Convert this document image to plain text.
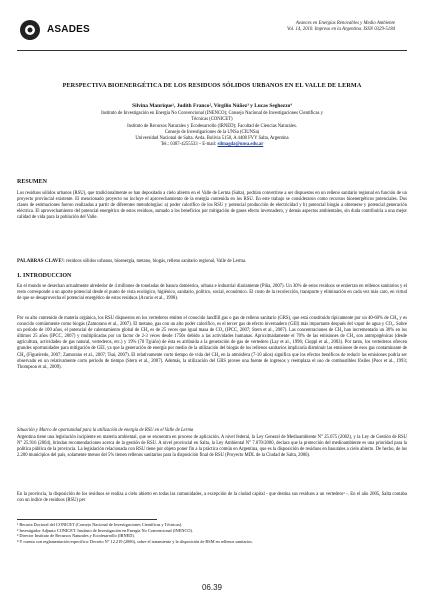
ASADES
Avances en Energías Renovables y Medio Ambiente
Vol. 14, 2010. Impreso en la Argentina. ISSN 0329-5184
PERSPECTIVA BIOENERGÉTICA DE LOS RESIDUOS SÓLIDOS URBANOS EN EL VALLE DE LERMA
Silvina Manrique¹, Judith Franco², Virgilio Núñez³ y Lucas Seghezzo⁴
Instituto de Investigación en Energía No Convencional (INENCO); Consejo Nacional de Investigaciones Científicas y
Técnicas (CONICET)
Instituto de Recursos Naturales y Ecodesarrollo (IRNED); Facultad de Ciencias Naturales.
Consejo de Investigaciones de la UNSa (CIUNSa)
Universidad Nacional de Salta. Avda. Bolivia 5150, A 4408 FVY Salta, Argentina
Tel.: 0387-4255533 – E-mail: silmagda@unsa.edu.ar
RESUMEN
Los residuos sólidos urbanos (RSU), que tradicionalmente se han depositado a cielo abierto en el Valle de Lerma (Salta), podrían convertirse a ser dispuestos en un relleno sanitario regional en función de un proyecto provincial existente. El mencionado proyecto no incluye el aprovechamiento de la energía contenida en los RSU. En este trabajo se consideraron como recursos bioenergéticos potenciales. Dos clases de estimaciones fueron realizadas a partir de diferentes metodologías: a) poder calorífico de los RSU y potencial producción de electricidad y b) potencial biogás a obtenerse y potencial generación eléctrica. El aprovechamiento del potencial energético de estos residuos, sumado a los beneficios por mitigación de gases efecto invernadero, y demás aspectos ambientales, sin duda contribuiría a una mejor calidad de vida para la población del Valle.
PALABRAS CLAVE¹: residuos sólidos urbanos, bioenergía, metano, biogás, relleno sanitario regional, Valle de Lerma.
1. INTRODUCCION
En el mundo se desechan actualmente alrededor de 4 millones de toneladas de basura doméstica, urbana e industrial diariamente (Piña, 2007). Un 30% de estos residuos se entierran en rellenos sanitarios y el resto corresponde a un aporte potencial desde el punto de vista ecológico, higiénico, sanitario, político, social, económico. El costo de la recolección, transporte y eliminación en cada vez más caro, en virtud de que se desaprovecha el potencial energético de estos residuos (Acurio et al., 1998).
Por su alto contenido de materia orgánica, los RSU dispuestos en los vertederos emiten el conocido landfill gas o gas de relleno sanitario (GRS), que está constituido típicamente por un 40-60% de CH₄ y es conocido comúnmente como biogás (Zamorano et al., 2007). El metano, gas con un alto poder calorífico, es el tercer gas de efecto invernadero (GEI) más importante después del vapor de agua y CO₂. Sobre un período de 100 años, el potencial de calentamiento global de CH₄ es de 25 veces que igual masa de CO₂ (IPCC, 2007; Stern et al., 2007). Las concentraciones de CH₄ han incrementado un 30% en los últimos 25 años (IPCC, 2007) y multiplicadas por un factor de 2-3 veces desde 1750s debido a las actividades humanas. Aproximadamente el 70% de las emisiones de CH₄ son antropogénicas (desde agricultura, actividades de gas natural, vertederos, etc.) y 19% (70 Tg/año) de ésta es atribuida a la generación de gas de vertedero (Lay et al., 1996; Cioppi et al., 2003). Por tanto, los vertederos ofrecen grandes oportunidades para mitigación de GEI, ya que la generación de energía por medio de la utilización del biogás de los rellenos sanitarios implicaría disminuir las emisiones de esos gas contaminante de CH₄ (Figueiredo, 2007; Zamorano et al., 2007; Tsai, 2007). El relativamente corto tiempo de vida del CH₄ en la atmósfera (7-10 años) significa que los efectos benéficos de reducir las emisiones podría ser observado en un relativamente corto período de tiempo (Stern et al., 2007). Además, la utilización del GRS provee una fuente de ingresos y reemplaza el uso de combustibles fósiles (Poor et al., 1993; Thompson et al., 2009).
Situación y Marco de oportunidad para la utilización de energía de RSU en el Valle de Lerma
Argentina tiene una legislación incipiente en materia ambiental, que se encuentra en proceso de aplicación. A nivel federal, la Ley General de Medioambiente N° 25.675 (2002), y la Ley de Gestión de RSU N° 25.916 (2004), brindan recomendaciones acerca de la gestión de RSU. A nivel provincial en Salta, la Ley Ambiental N° 7.070/2000, declara que la protección del medioambiente es una prioridad para la política pública de la provincia. La legislación relacionada con RSU tiene por objeto poner fin a la práctica común en Argentina, que es la disposición de residuos en basurales a cielo abierto. De hecho, de los 2.200 municipios del país, solamente menos del 5% tienen rellenos sanitarios para la disposición final de RSU (Proyecto MDL de la Ciudad de Salta, 2006).
En la provincia, la disposición de los residuos se realiza a cielo abierto en todas las comunidades, a excepción de la ciudad capital - que destina sus residuos a un vertedero¹ -. En el año 2005, Salta contaba con un índice de residuos (RSU) per
¹ Becaria Doctoral del CONICET (Consejo Nacional de Investigaciones Científicas y Técnicas).
² Investigador Adjunto CONICET. Instituto de Investigación en Energía No Convencional (INENCO).
³ Director Instituto de Recursos Naturales y Ecodesarrollo (IRNED).
⁴ Y cuenta con reglamentación específica: Decreto N° 12.219 (2006), sobre el tratamiento y la disposición de RSM en rellenos sanitarios.
06.39
